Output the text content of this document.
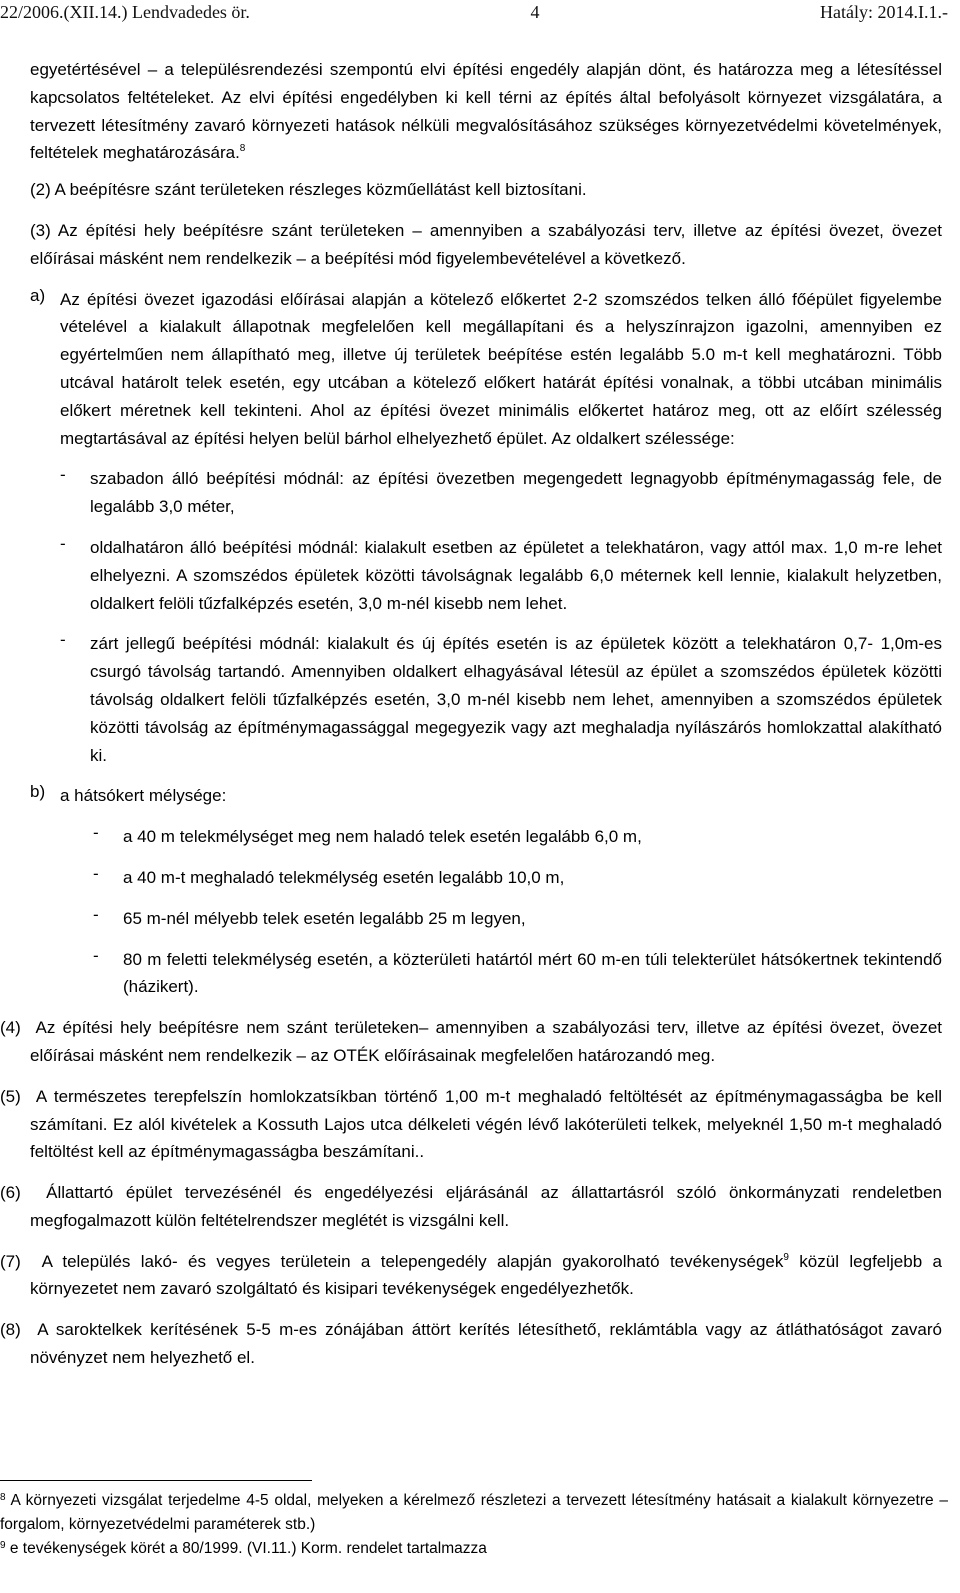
22/2006.(XII.14.) Lendvadedes ör.	4	Hatály: 2014.I.1.-

egyetértésével – a településrendezési szempontú elvi építési engedély alapján dönt, és határozza meg a létesítéssel kapcsolatos feltételeket. Az elvi építési engedélyben ki kell térni az építés által befolyásolt környezet vizsgálatára, a tervezett létesítmény zavaró környezeti hatások nélküli megvalósításához szükséges környezetvédelmi követelmények, feltételek meghatározására.$^8$

(2) A beépítésre szánt területeken részleges közműellátást kell biztosítani.

(3) Az építési hely beépítésre szánt területeken – amennyiben a szabályozási terv, illetve az építési övezet, övezet előírásai másként nem rendelkezik – a beépítési mód figyelembevételével a következő.

a) Az építési övezet igazodási előírásai alapján a kötelező előkertet 2-2 szomszédos telken álló főépület figyelembe vételével a kialakult állapotnak megfelelően kell megállapítani és a helyszínrajzon igazolni, amennyiben ez egyértelműen nem állapítható meg, illetve új területek beépítése estén legalább 5.0 m-t kell meghatározni. Több utcával határolt telek esetén, egy utcában a kötelező előkert határát építési vonalnak, a többi utcában minimális előkert méretnek kell tekinteni. Ahol az építési övezet minimális előkertet határoz meg, ott az előírt szélesség megtartásával az építési helyen belül bárhol elhelyezhető épület. Az oldalkert szélessége:

-	szabadon álló beépítési módnál: az építési övezetben megengedett legnagyobb építménymagasság fele, de legalább 3,0 méter,

-	oldalhatáron álló beépítési módnál: kialakult esetben az épületet a telekhatáron, vagy attól max. 1,0 m-re lehet elhelyezni. A szomszédos épületek közötti távolságnak legalább 6,0 méternek kell lennie, kialakult helyzetben, oldalkert felöli tűzfalképzés esetén, 3,0 m-nél kisebb nem lehet.

-	zárt jellegű beépítési módnál: kialakult és új építés esetén is az épületek között a telekhatáron 0,7- 1,0m-es csurgó távolság tartandó. Amennyiben oldalkert elhagyásával létesül az épület a szomszédos épületek közötti távolság oldalkert felöli tűzfalképzés esetén, 3,0 m-nél kisebb nem lehet, amennyiben a szomszédos épületek közötti távolság az építménymagassággal megegyezik vagy azt meghaladja nyílászárós homlokzattal alakítható ki.

b) a hátsókert mélysége:

-	a 40 m telekmélységet meg nem haladó telek esetén legalább 6,0 m,

-	a 40 m-t meghaladó telekmélység esetén legalább 10,0 m,

-	65 m-nél mélyebb telek esetén legalább 25 m legyen,

-	80 m feletti telekmélység esetén, a közterületi határtól mért 60 m-en túli telekterület hátsókertnek tekintendő (házikert).

(4) Az építési hely beépítésre nem szánt területeken– amennyiben a szabályozási terv, illetve az építési övezet, övezet előírásai másként nem rendelkezik – az OTÉK előírásainak megfelelően határozandó meg.

(5) A természetes terepfelszín homlokzatsíkban történő 1,00 m-t meghaladó feltöltését az építménymagasságba be kell számítani. Ez alól kivételek a Kossuth Lajos utca délkeleti végén lévő lakóterületi telkek, melyeknél 1,50 m-t meghaladó feltöltést kell az építménymagasságba beszámítani..

(6) Állattartó épület tervezésénél és engedélyezési eljárásánál az állattartásról szóló önkormányzati rendeletben megfogalmazott külön feltételrendszer meglétét is vizsgálni kell.

(7) A település lakó- és vegyes területein a telepengedély alapján gyakorolható tevékenységek$^9$ közül legfeljebb a környezetet nem zavaró szolgáltató és kisipari tevékenységek engedélyezhetők.

(8) A saroktelkek kerítésének 5-5 m-es zónájában áttört kerítés létesíthető, reklámtábla vagy az átláthatóságot zavaró növényzet nem helyezhető el.

$^8$ A környezeti vizsgálat terjedelme 4-5 oldal, melyeken a kérelmező részletezi a tervezett létesítmény hatásait a kialakult környezetre – forgalom, környezetvédelmi paraméterek stb.)

$^9$ e tevékenységek körét a 80/1999. (VI.11.) Korm. rendelet tartalmazza
